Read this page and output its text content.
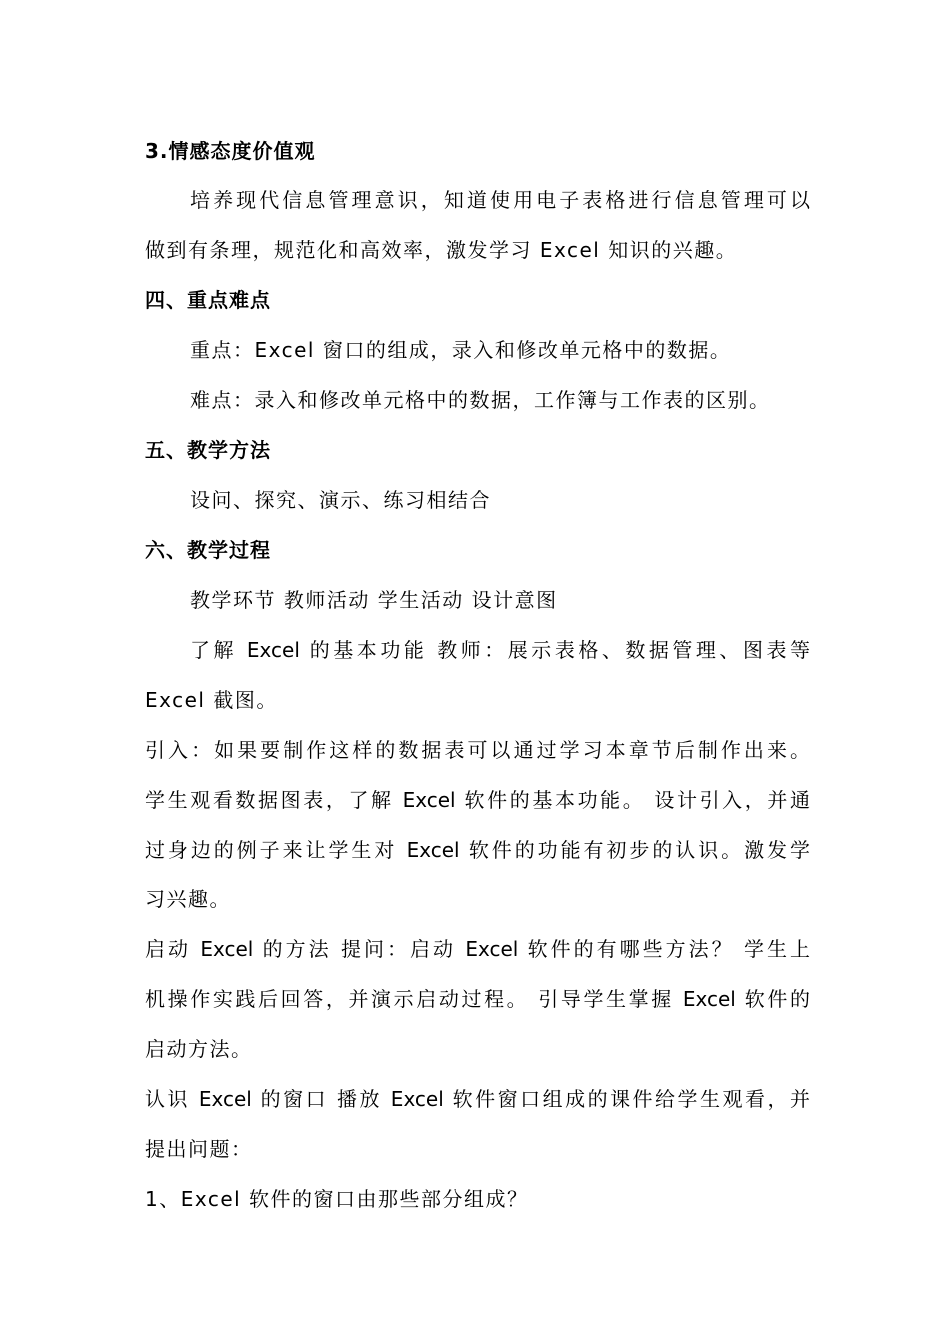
3.情感态度价值观
培养现代信息管理意识，知道使用电子表格进行信息管理可以
做到有条理，规范化和高效率，激发学习 Excel 知识的兴趣。
四、重点难点
重点：Excel 窗口的组成，录入和修改单元格中的数据。
难点：录入和修改单元格中的数据，工作簿与工作表的区别。
五、教学方法
设问、探究、演示、练习相结合
六、教学过程
教学环节 教师活动 学生活动 设计意图
了解 Excel 的基本功能 教师：展示表格、数据管理、图表等
Excel 截图。
引入：如果要制作这样的数据表可以通过学习本章节后制作出来。
学生观看数据图表，了解 Excel 软件的基本功能。 设计引入，并通
过身边的例子来让学生对 Excel 软件的功能有初步的认识。激发学
习兴趣。
启动 Excel 的方法 提问：启动 Excel 软件的有哪些方法？ 学生上
机操作实践后回答，并演示启动过程。 引导学生掌握 Excel 软件的
启动方法。
认识 Excel 的窗口 播放 Excel 软件窗口组成的课件给学生观看，并
提出问题：
1、Excel 软件的窗口由那些部分组成？
